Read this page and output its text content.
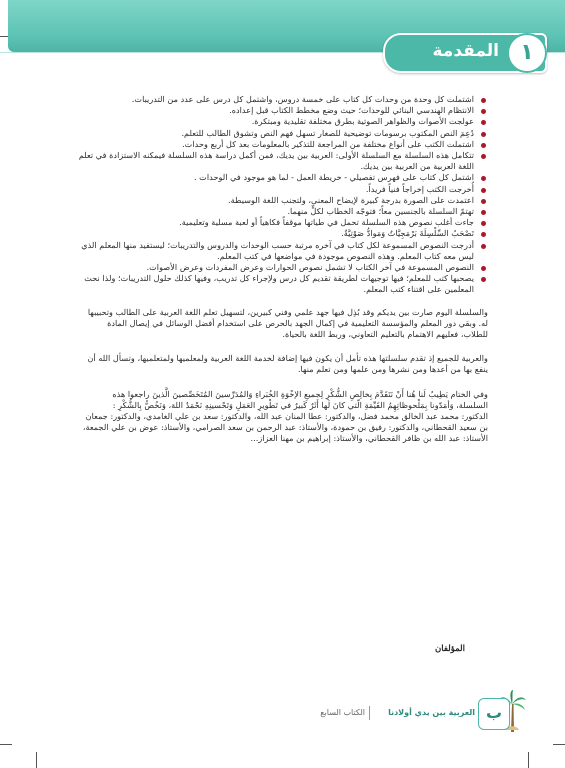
المقدمة ١
اشتملت كل وحدة من وحدات كل كتاب على خمسة دروس، واشتمل كل درس على عدد من التدريبات.
الانتظام الهندسي البنائي للوحدات؛ حيث وضع مخطط الكتاب قبل إعداده.
عولجت الأصوات والظواهر الصوتية بطرق مختلفة تقليدية ومبتكرة.
دُعِمَ النص المكتوب برسومات توضيحية للصغار تسهل فهم النص وتشوق الطالب للتعلم.
اشتملت الكتب على أنواع مختلفة من المراجعة للتذكير بالمعلومات بعد كل أربع وحدات.
تتكامل هذه السلسلة مع السلسلة الأولى: العربية بين يديك، فمن أكمل دراسة هذه السلسلة فيمكنه الاستزادة في تعلم اللغة العربية من العربية بين يديك.
اشتمل كل كتاب على فهرس تفصيلي - خريطة العمل - لما هو موجود في الوحدات .
أُخرجت الكتب إخراجاً فنياً فريداً.
اعتمدت على الصورة بدرجة كبيرة لإيضاح المعنى، ولتجنب اللغة الوسيطة.
تهتمّ السلسلة بالجنسين معاً؛ فتوجّه الخطاب لكلٍّ منهما.
جاءت أغلب نصوص هذه السلسلة تحمل في طياتها موقفاً فكاهياً أو لعبة مسلية وتعليمية.
تَصْحَبُ السِّلْسِلَةَ بَرْمَجِيَّاتٌ وَمَوادُّ صَوْتِيَّةٌ.
أدرجت النصوص المسموعة لكل كتاب في آخره مرتبة حسب الوحدات والدروس والتدريبات؛ ليستفيد منها المعلم الذي ليس معه كتاب المعلم. وهذه النصوص موجودة في مواضعها في كتب المعلم.
النصوص المسموعة في آخر الكتاب لا تشمل نصوص الحوارات وعرض المفردات وعرض الأصوات.
يصحبها كتب للمعلم؛ فيها توجيهات لطريقة تقديم كل درس ولإجراء كل تدريب، وفيها كذلك حلول التدريبات؛ ولذا نحث المعلمين على اقتناء كتب المعلم.

والسلسلة اليوم صارت بين يديكم وقد بُذِل فيها جهد علمي وفني كبيرين، لتسهيل تعلم اللغة العربية على الطالب وتحبيبها له. وبقي دور المعلم والمؤسسة التعليمية في إكمال الجهد بالحرص على استخدام أفضل الوسائل في إيصال المادة للطلاب، فعليهم الاهتمام بالتعليم التعاوني، وربط اللغة بالحياة.

والعربية للجميع إذ تقدم سلسلتها هذه تأمل أن يكون فيها إضافة لخدمة اللغة العربية ولمعلميها ولمتعلميها، وتسأل الله أن ينفع بها من أعدها ومن نشرها ومن علمها ومن تعلم منها.

وفي الختام يَطِيبُ لَنا هُنا أَنْ نَتَقَدَّمَ بِخالِصِ الشُّكْرِ لِجميعِ الإخْوَةِ الخُبَراءِ وَالمُدَرِّسينَ المُتَخَصِّصينَ الَّذينَ راجعوا هذه السلسلة، وَأمَدّونا بِمَلْحوظاتِهِمُ القَيِّمَةِ الّتي كانَ لَها أَثَرٌ كَبيرٌ في تَطْويرِ العَمَلِ وَتَحْسينِهِ نَحْمَدُ اللهَ، وَنَخُصُّ بِالشُّكْرِ :

الدكتور: محمد عبد الخالق محمد فضل، والدكتور: عطا المنان عبد الله، والدكتور: سعد بن علي الغامدي، والدكتور: جمعان بن سعيد القحطاني، والدكتور: رفيق بن حمودة، والأستاذ: عبد الرحمن بن سعد الصرامي، والأستاذ: عوض بن علي الجمعة، الأستاذ: عبد الله بن ظافر القحطاني، والأستاذ: إبراهيم بن مهنا العزاز...

المؤلفان
ب
العربية بين يدي أولادنا
الكتاب السابع
